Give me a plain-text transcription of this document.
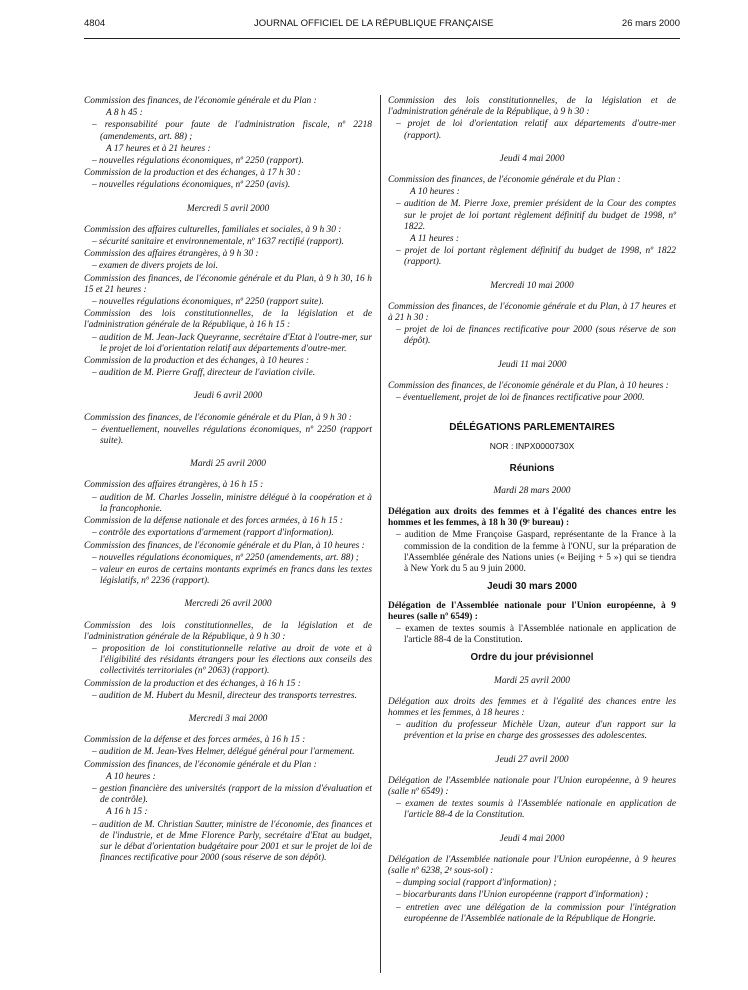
4804	JOURNAL OFFICIEL DE LA RÉPUBLIQUE FRANÇAISE	26 mars 2000

Commission des finances, de l'économie générale et du Plan :

A 8 h 45 :

– responsabilité pour faute de l'administration fiscale, nº 2218 (amendements, art. 88) ;

A 17 heures et à 21 heures :

– nouvelles régulations économiques, nº 2250 (rapport).

Commission de la production et des échanges, à 17 h 30 :

– nouvelles régulations économiques, nº 2250 (avis).

Mercredi 5 avril 2000

Commission des affaires culturelles, familiales et sociales, à 9 h 30 :

– sécurité sanitaire et environnementale, nº 1637 rectifié (rapport).

Commission des affaires étrangères, à 9 h 30 :

– examen de divers projets de loi.

Commission des finances, de l'économie générale et du Plan, à 9 h 30, 16 h 15 et 21 heures :

– nouvelles régulations économiques, nº 2250 (rapport suite).

Commission des lois constitutionnelles, de la législation et de l'administration générale de la République, à 16 h 15 :

– audition de M. Jean-Jack Queyranne, secrétaire d'Etat à l'outre-mer, sur le projet de loi d'orientation relatif aux départements d'outre-mer.

Commission de la production et des échanges, à 10 heures :

– audition de M. Pierre Graff, directeur de l'aviation civile.

Jeudi 6 avril 2000

Commission des finances, de l'économie générale et du Plan, à 9 h 30 :

– éventuellement, nouvelles régulations économiques, nº 2250 (rapport suite).

Mardi 25 avril 2000

Commission des affaires étrangères, à 16 h 15 :

– audition de M. Charles Josselin, ministre délégué à la coopération et à la francophonie.

Commission de la défense nationale et des forces armées, à 16 h 15 :

– contrôle des exportations d'armement (rapport d'information).

Commission des finances, de l'économie générale et du Plan, à 10 heures :

– nouvelles régulations économiques, nº 2250 (amendements, art. 88) ;

– valeur en euros de certains montants exprimés en francs dans les textes législatifs, nº 2236 (rapport).

Mercredi 26 avril 2000

Commission des lois constitutionnelles, de la législation et de l'administration générale de la République, à 9 h 30 :

– proposition de loi constitutionnelle relative au droit de vote et à l'éligibilité des résidants étrangers pour les élections aux conseils des collectivités territoriales (nº 2063) (rapport).

Commission de la production et des échanges, à 16 h 15 :

– audition de M. Hubert du Mesnil, directeur des transports terrestres.

Mercredi 3 mai 2000

Commission de la défense et des forces armées, à 16 h 15 :

– audition de M. Jean-Yves Helmer, délégué général pour l'armement.

Commission des finances, de l'économie générale et du Plan :

A 10 heures :

– gestion financière des universités (rapport de la mission d'évaluation et de contrôle).

A 16 h 15 :

– audition de M. Christian Sautter, ministre de l'économie, des finances et de l'industrie, et de Mme Florence Parly, secrétaire d'Etat au budget, sur le débat d'orientation budgétaire pour 2001 et sur le projet de loi de finances rectificative pour 2000 (sous réserve de son dépôt).

Commission des lois constitutionnelles, de la législation et de l'administration générale de la République, à 9 h 30 :

– projet de loi d'orientation relatif aux départements d'outre-mer (rapport).

Jeudi 4 mai 2000

Commission des finances, de l'économie générale et du Plan :

A 10 heures :

– audition de M. Pierre Joxe, premier président de la Cour des comptes sur le projet de loi portant règlement définitif du budget de 1998, nº 1822.

A 11 heures :

– projet de loi portant règlement définitif du budget de 1998, nº 1822 (rapport).

Mercredi 10 mai 2000

Commission des finances, de l'économie générale et du Plan, à 17 heures et à 21 h 30 :

– projet de loi de finances rectificative pour 2000 (sous réserve de son dépôt).

Jeudi 11 mai 2000

Commission des finances, de l'économie générale et du Plan, à 10 heures :

– éventuellement, projet de loi de finances rectificative pour 2000.

DÉLÉGATIONS PARLEMENTAIRES

NOR : INPX0000730X

Réunions

Mardi 28 mars 2000

Délégation aux droits des femmes et à l'égalité des chances entre les hommes et les femmes, à 18 h 30 (9ᵉ bureau) :

– audition de Mme Françoise Gaspard, représentante de la France à la commission de la condition de la femme à l'ONU, sur la préparation de l'Assemblée générale des Nations unies (« Beijing + 5 ») qui se tiendra à New York du 5 au 9 juin 2000.

Jeudi 30 mars 2000

Délégation de l'Assemblée nationale pour l'Union européenne, à 9 heures (salle nº 6549) :

– examen de textes soumis à l'Assemblée nationale en application de l'article 88-4 de la Constitution.

Ordre du jour prévisionnel

Mardi 25 avril 2000

Délégation aux droits des femmes et à l'égalité des chances entre les hommes et les femmes, à 18 heures :

– audition du professeur Michèle Uzan, auteur d'un rapport sur la prévention et la prise en charge des grossesses des adolescentes.

Jeudi 27 avril 2000

Délégation de l'Assemblée nationale pour l'Union européenne, à 9 heures (salle nº 6549) :

– examen de textes soumis à l'Assemblée nationale en application de l'article 88-4 de la Constitution.

Jeudi 4 mai 2000

Délégation de l'Assemblée nationale pour l'Union européenne, à 9 heures (salle nº 6238, 2ᵉ sous-sol) :

– dumping social (rapport d'information) ;

– biocarburants dans l'Union européenne (rapport d'information) ;

– entretien avec une délégation de la commission pour l'intégration européenne de l'Assemblée nationale de la République de Hongrie.
